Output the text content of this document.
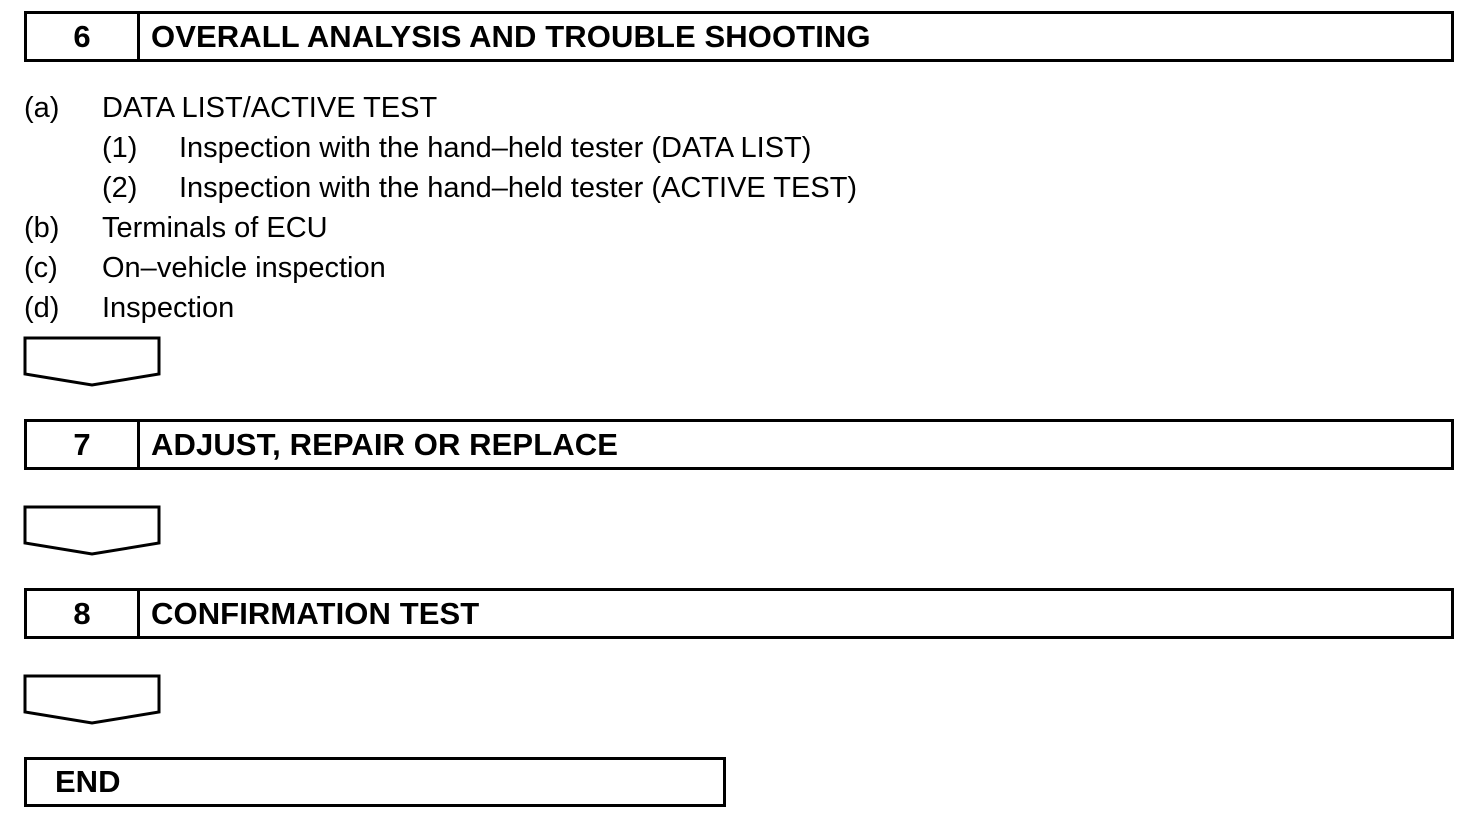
6	OVERALL ANALYSIS AND TROUBLE SHOOTING
(a) DATA LIST/ACTIVE TEST
(1) Inspection with the hand–held tester (DATA LIST)
(2) Inspection with the hand–held tester (ACTIVE TEST)
(b) Terminals of ECU
(c) On–vehicle inspection
(d) Inspection
7	ADJUST, REPAIR OR REPLACE
8	CONFIRMATION TEST
END
